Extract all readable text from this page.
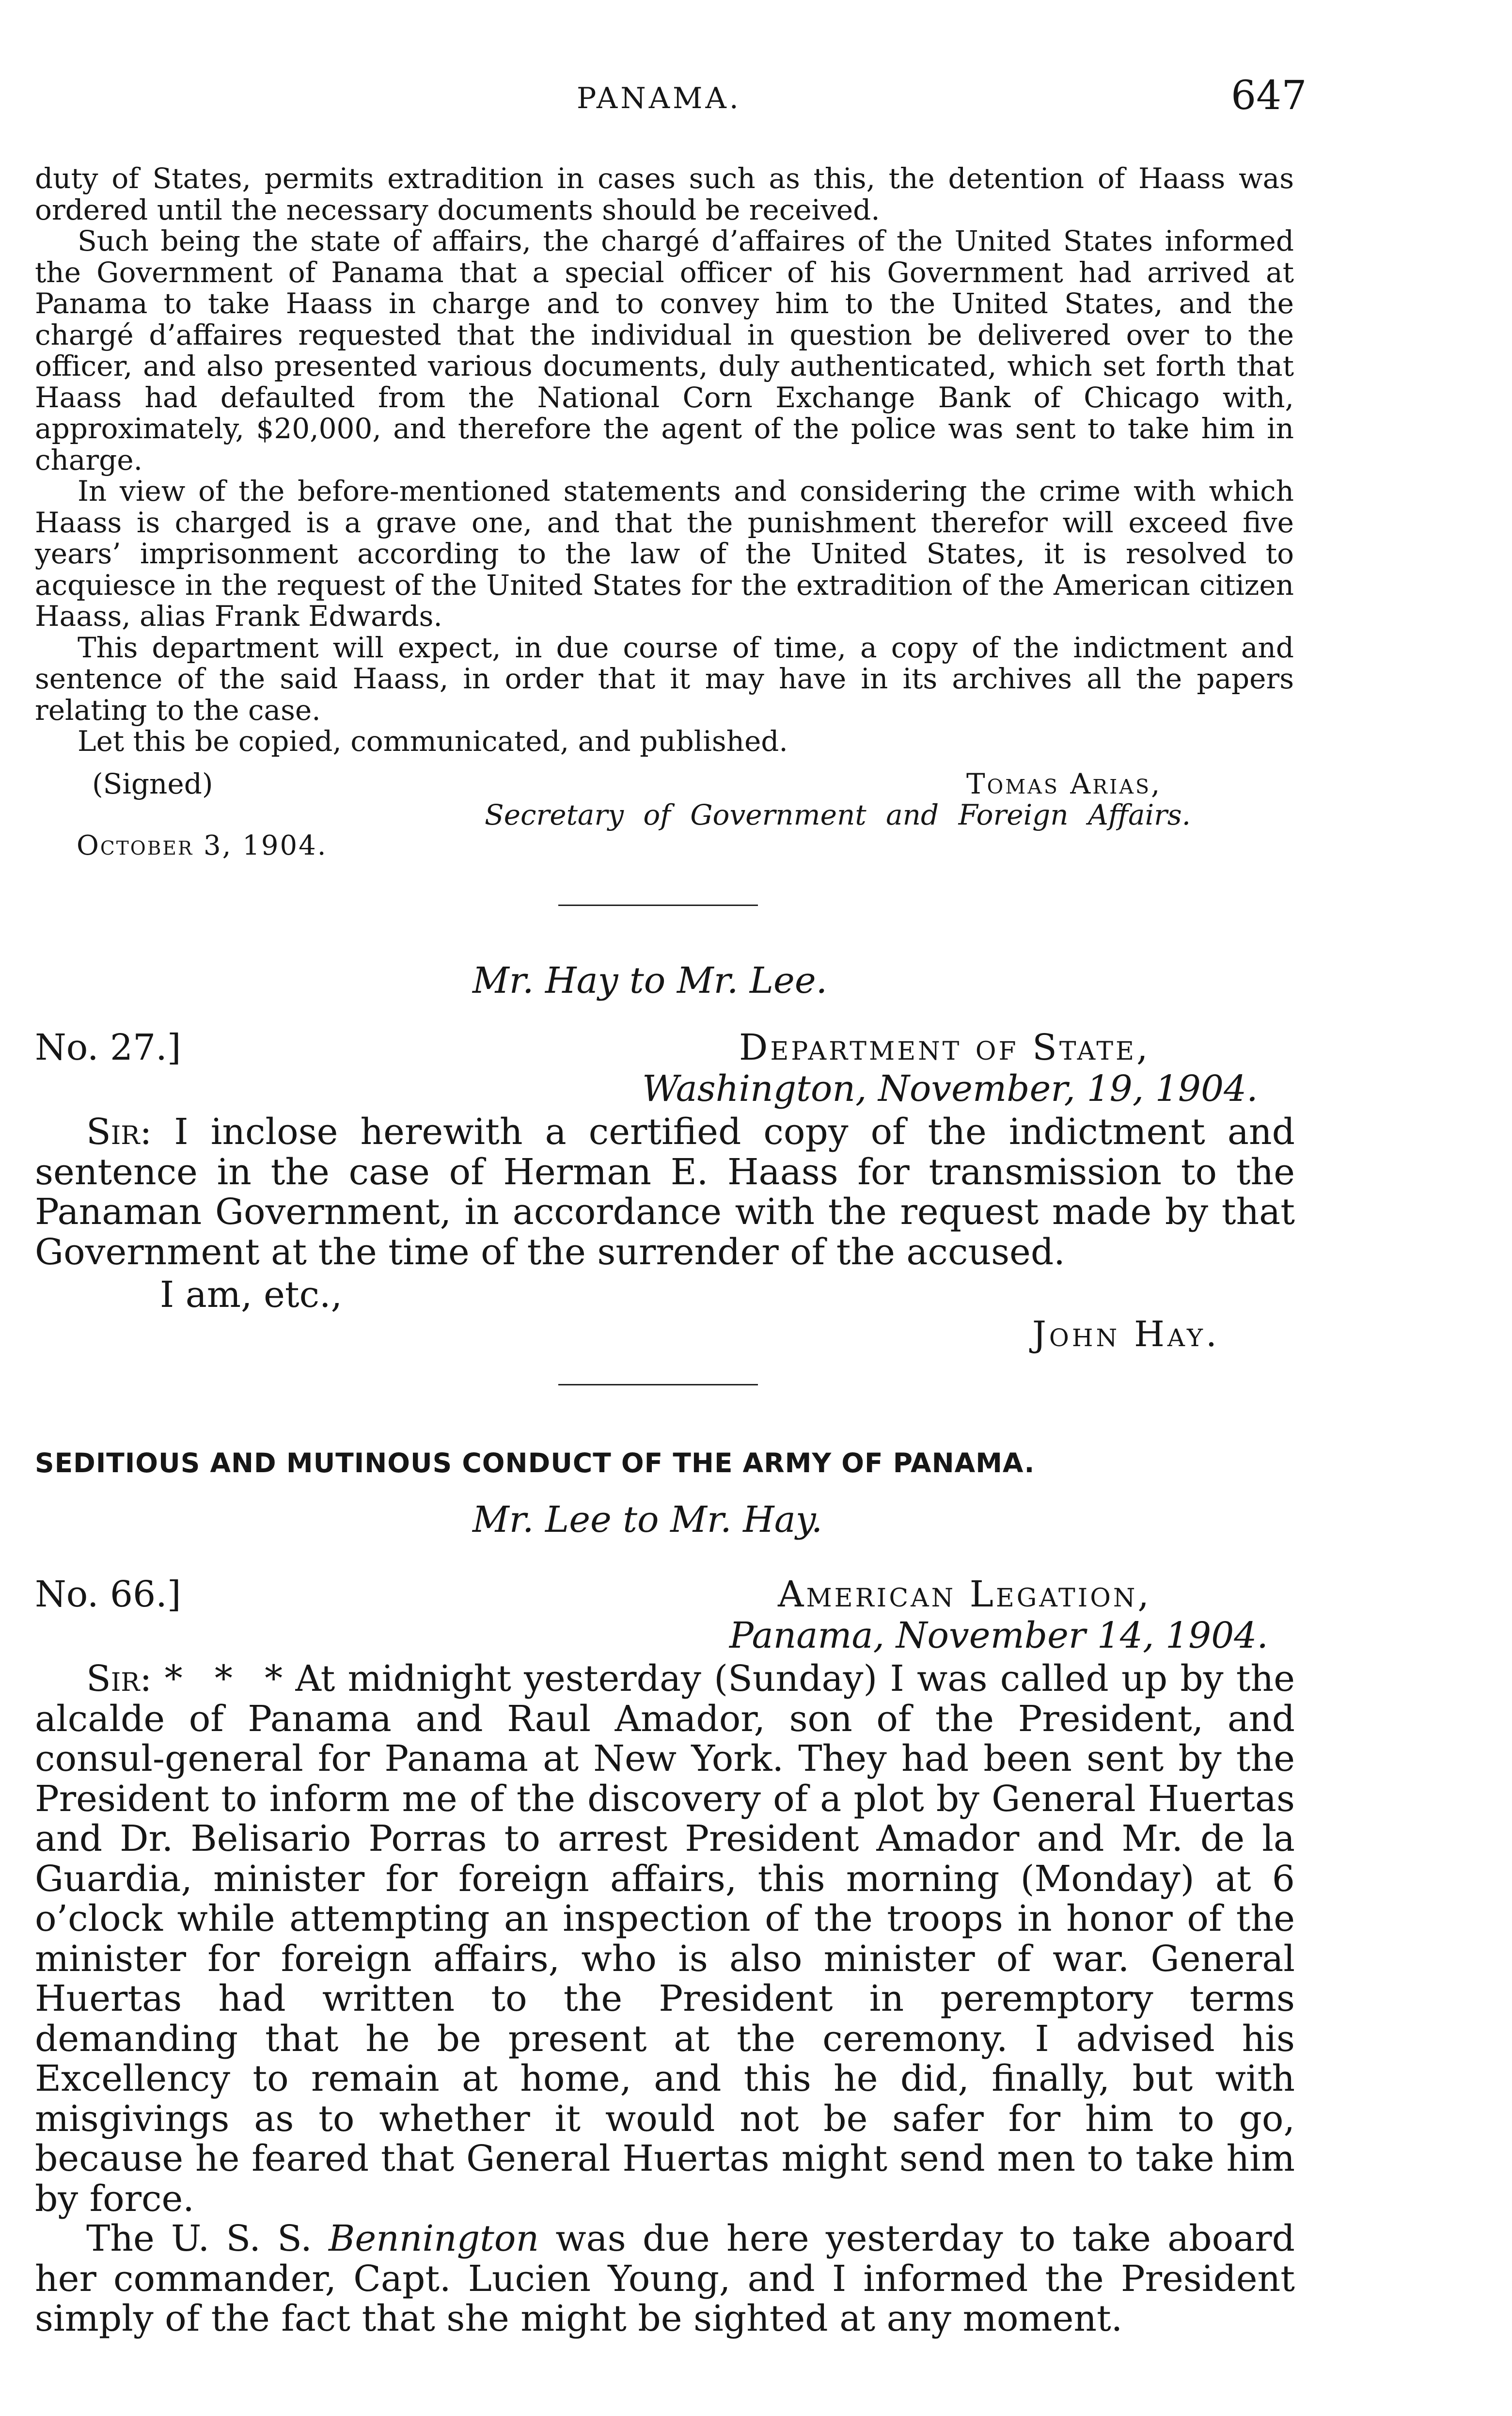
PANAMA.	647

duty of States, permits extradition in cases such as this, the detention of Haass was ordered until the necessary documents should be received.

Such being the state of affairs, the chargé d’affaires of the United States informed the Government of Panama that a special officer of his Government had arrived at Panama to take Haass in charge and to convey him to the United States, and the chargé d’affaires requested that the individual in question be delivered over to the officer, and also presented various documents, duly authenticated, which set forth that Haass had defaulted from the National Corn Exchange Bank of Chicago with, approximately, $20,000, and therefore the agent of the police was sent to take him in charge.

In view of the before-mentioned statements and considering the crime with which Haass is charged is a grave one, and that the punishment therefor will exceed five years’ imprisonment according to the law of the United States, it is resolved to acquiesce in the request of the United States for the extradition of the American citizen Haass, alias Frank Edwards.

This department will expect, in due course of time, a copy of the indictment and sentence of the said Haass, in order that it may have in its archives all the papers relating to the case.

Let this be copied, communicated, and published.

(Signed)	Tomas Arias,
Secretary of Government and Foreign Affairs.
October 3, 1904.
Mr. Hay to Mr. Lee.
No. 27.]	Department of State,
Washington, November, 19, 1904.

Sir: I inclose herewith a certified copy of the indictment and sentence in the case of Herman E. Haass for transmission to the Panaman Government, in accordance with the request made by that Government at the time of the surrender of the accused.

I am, etc.,
John Hay.
SEDITIOUS AND MUTINOUS CONDUCT OF THE ARMY OF PANAMA.
Mr. Lee to Mr. Hay.
No. 66.]	American Legation,
Panama, November 14, 1904.

Sir: * * * At midnight yesterday (Sunday) I was called up by the alcalde of Panama and Raul Amador, son of the President, and consul-general for Panama at New York. They had been sent by the President to inform me of the discovery of a plot by General Huertas and Dr. Belisario Porras to arrest President Amador and Mr. de la Guardia, minister for foreign affairs, this morning (Monday) at 6 o’clock while attempting an inspection of the troops in honor of the minister for foreign affairs, who is also minister of war. General Huertas had written to the President in peremptory terms demanding that he be present at the ceremony. I advised his Excellency to remain at home, and this he did, finally, but with misgivings as to whether it would not be safer for him to go, because he feared that General Huertas might send men to take him by force.

The U. S. S. Bennington was due here yesterday to take aboard her commander, Capt. Lucien Young, and I informed the President simply of the fact that she might be sighted at any moment.
